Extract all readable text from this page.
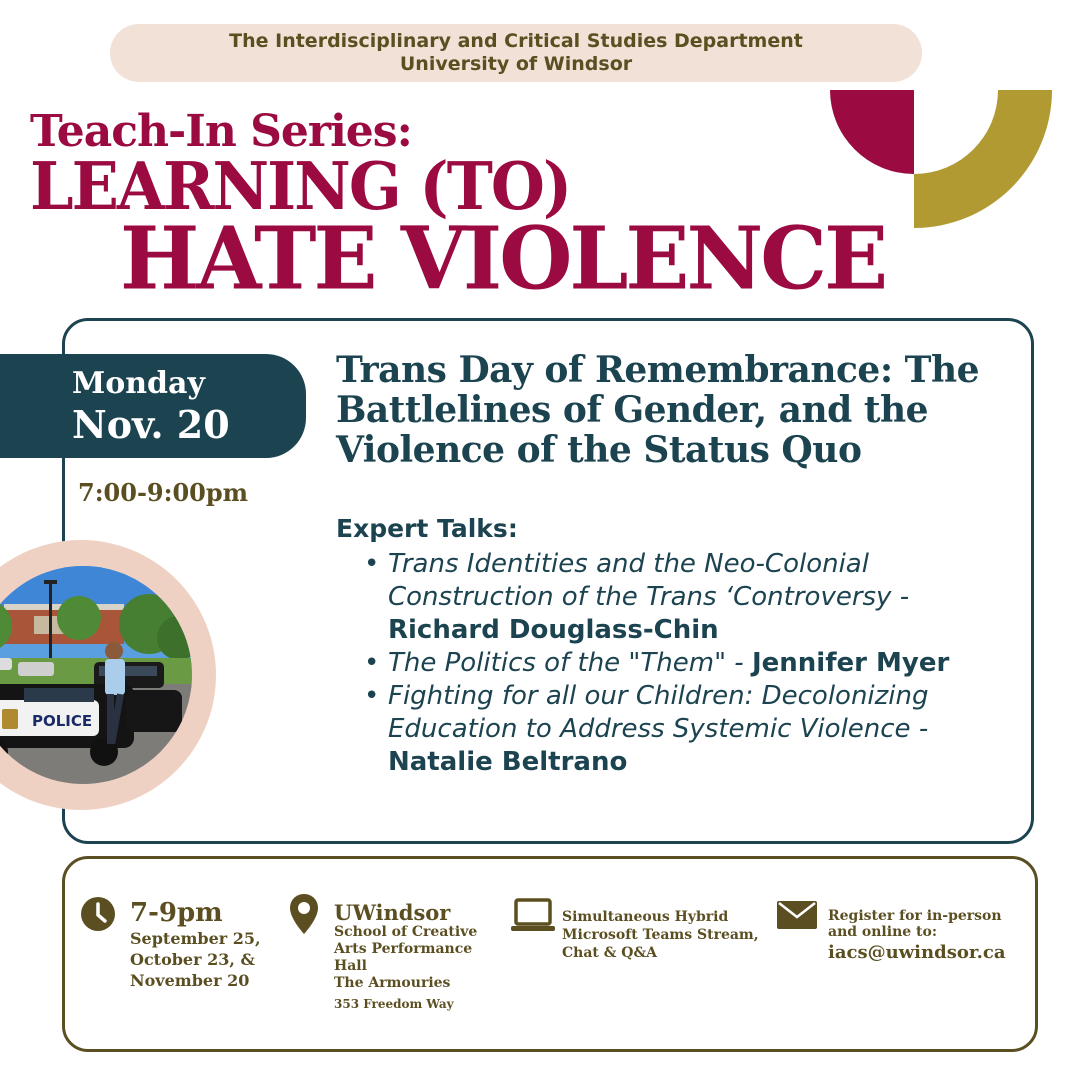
The Interdisciplinary and Critical Studies Department
University of Windsor
Teach-In Series:
LEARNING (TO)
HATE VIOLENCE
Monday
Nov. 20
7:00-9:00pm
POLICE
Trans Day of Remembrance: The Battlelines of Gender, and the Violence of the Status Quo
Expert Talks:
• Trans Identities and the Neo-Colonial Construction of the Trans ‘Controversy -
Richard Douglass-Chin
• The Politics of the "Them" - Jennifer Myer
• Fighting for all our Children: Decolonizing Education to Address Systemic Violence -
Natalie Beltrano
7-9pm
September 25, October 23, & November 20
UWindsor
School of Creative Arts Performance Hall
The Armouries
353 Freedom Way
Simultaneous Hybrid Microsoft Teams Stream, Chat & Q&A
Register for in-person and online to:
iacs@uwindsor.ca
